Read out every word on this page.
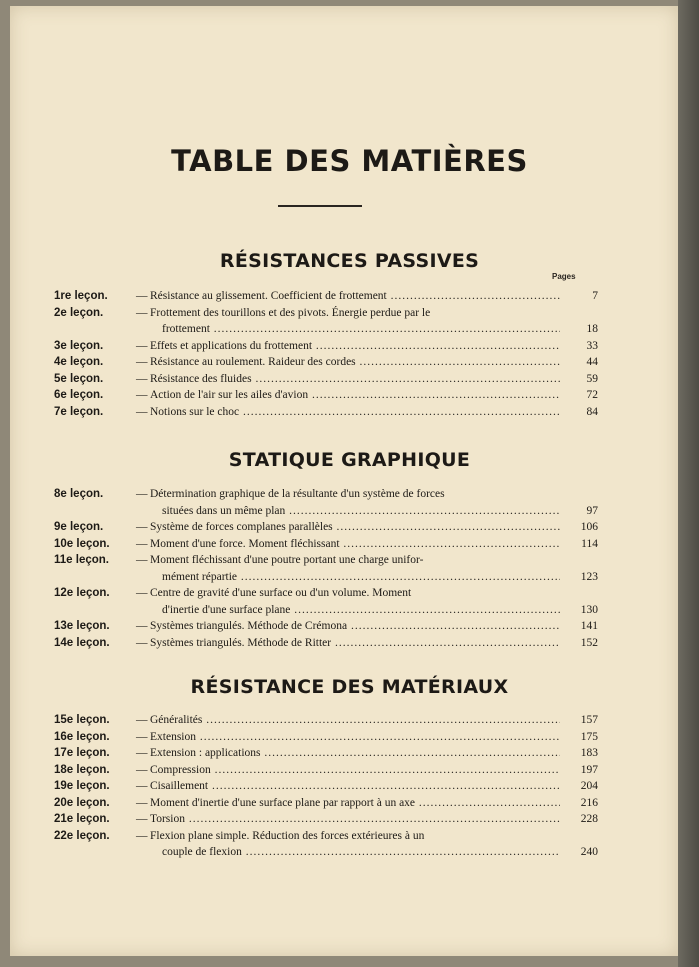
TABLE DES MATIÈRES
RÉSISTANCES PASSIVES
Pages
1re leçon.	— Résistance au glissement. Coefficient de frottement .....	7
2e leçon.	— Frottement des tourillons et des pivots. Énergie perdue par le
frottement .....	18
3e leçon.	— Effets et applications du frottement .....	33
4e leçon.	— Résistance au roulement. Raideur des cordes .....	44
5e leçon.	— Résistance des fluides .....	59
6e leçon.	— Action de l'air sur les ailes d'avion .....	72
7e leçon.	— Notions sur le choc .....	84
STATIQUE GRAPHIQUE
8e leçon.	— Détermination graphique de la résultante d'un système de forces
situées dans un même plan .....	97
9e leçon.	— Système de forces complanes parallèles .....	106
10e leçon.	— Moment d'une force. Moment fléchissant .....	114
11e leçon.	— Moment fléchissant d'une poutre portant une charge unifor-
mément répartie .....	123
12e leçon.	— Centre de gravité d'une surface ou d'un volume. Moment
d'inertie d'une surface plane .....	130
13e leçon.	— Systèmes triangulés. Méthode de Crémona .....	141
14e leçon.	— Systèmes triangulés. Méthode de Ritter .....	152
RÉSISTANCE DES MATÉRIAUX
15e leçon.	— Généralités .....	157
16e leçon.	— Extension .....	175
17e leçon.	— Extension : applications .....	183
18e leçon.	— Compression .....	197
19e leçon.	— Cisaillement .....	204
20e leçon.	— Moment d'inertie d'une surface plane par rapport à un axe .....	216
21e leçon.	— Torsion .....	228
22e leçon.	— Flexion plane simple. Réduction des forces extérieures à un
couple de flexion .....	240
